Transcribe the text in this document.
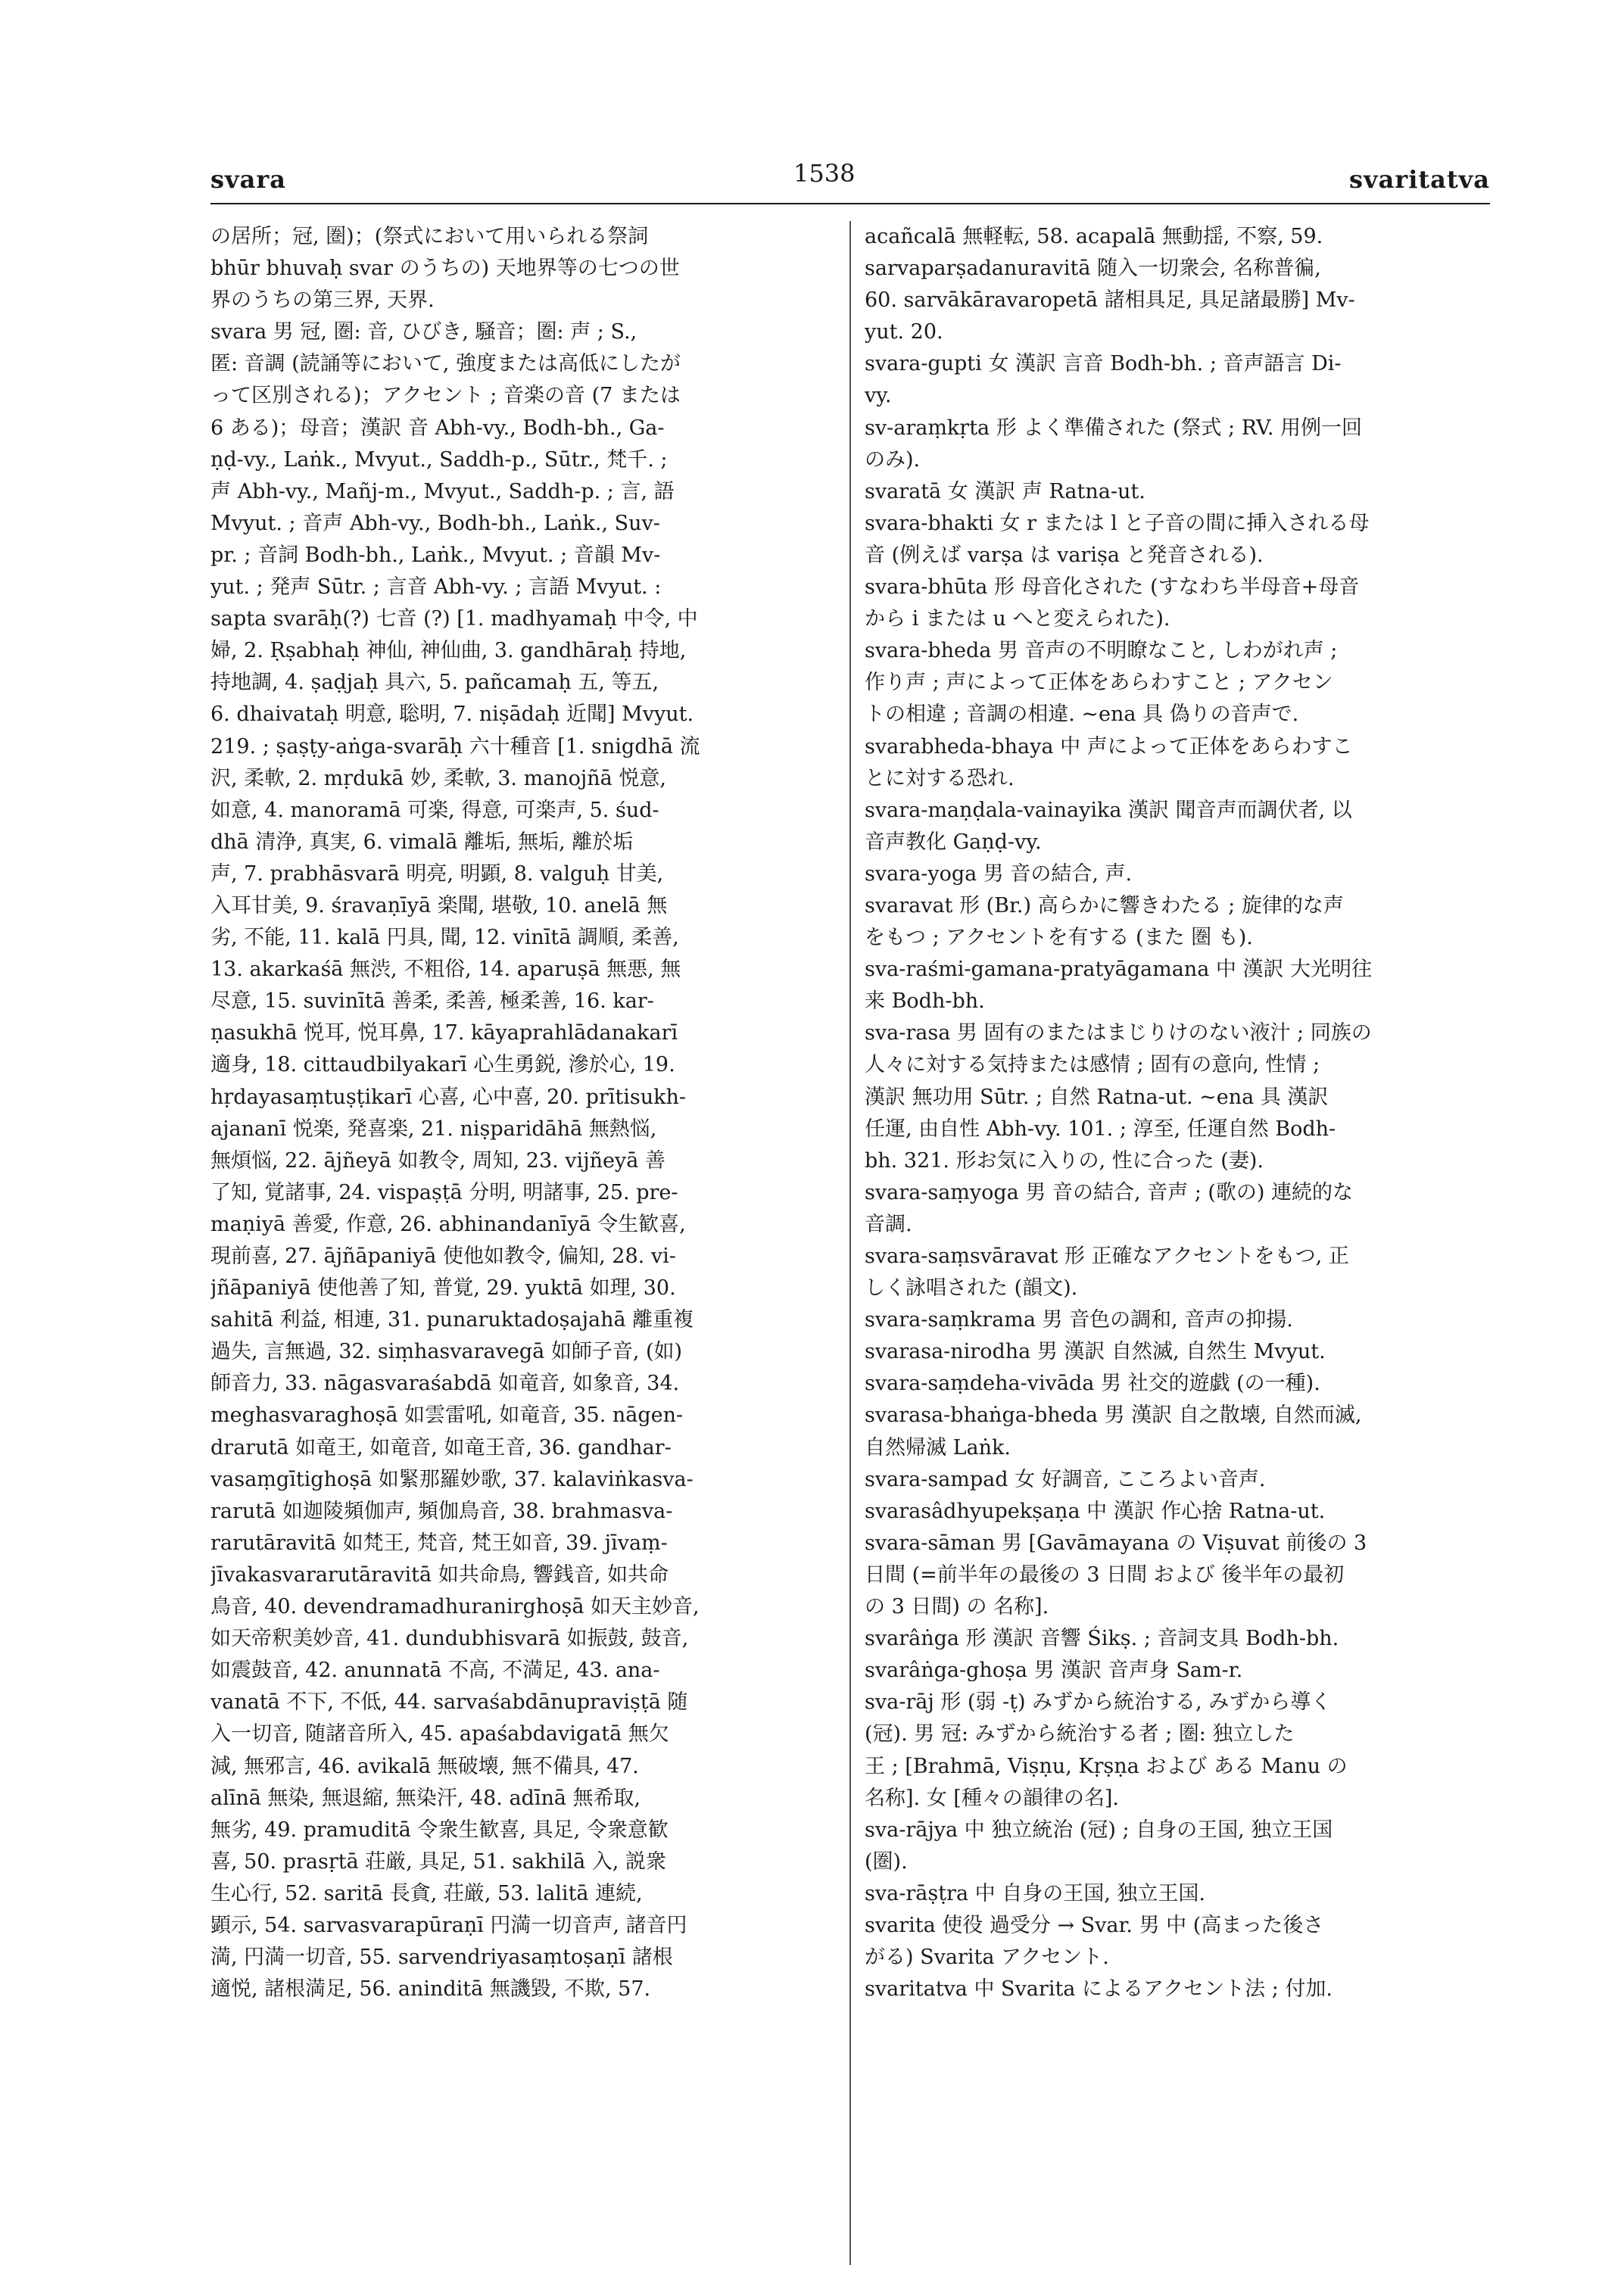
svara	1538	svaritatva
の居所；冠, 圏)；(祭式において用いられる祭詞
bhūr bhuvaḥ svar のうちの) 天地界等の七つの世
界のうちの第三界, 天界.
svara 男 冠, 圏: 音, ひびき, 騒音；圏: 声 ; S.,
匿: 音調 (読誦等において, 強度または高低にしたが
って区別される)；アクセント ; 音楽の音 (7 または
6 ある)；母音；漢訳 音 Abh-vy., Bodh-bh., Ga-
ṇḍ-vy., Laṅk., Mvyut., Saddh-p., Sūtr., 梵千. ;
声 Abh-vy., Mañj-m., Mvyut., Saddh-p. ; 言, 語
Mvyut. ; 音声 Abh-vy., Bodh-bh., Laṅk., Suv-
pr. ; 音詞 Bodh-bh., Laṅk., Mvyut. ; 音韻 Mv-
yut. ; 発声 Sūtr. ; 言音 Abh-vy. ; 言語 Mvyut. :
sapta svarāḥ(?) 七音 (?) [1. madhyamaḥ 中令, 中
婦, 2. Ṛṣabhaḥ 神仙, 神仙曲, 3. gandhāraḥ 持地,
持地調, 4. ṣaḍjaḥ 具六, 5. pañcamaḥ 五, 等五,
6. dhaivataḥ 明意, 聡明, 7. niṣādaḥ 近聞] Mvyut.
219. ; ṣaṣṭy-aṅga-svarāḥ 六十種音 [1. snigdhā 流
沢, 柔軟, 2. mṛdukā 妙, 柔軟, 3. manojñā 悦意,
如意, 4. manoramā 可楽, 得意, 可楽声, 5. śud-
dhā 清浄, 真実, 6. vimalā 離垢, 無垢, 離於垢
声, 7. prabhāsvarā 明亮, 明顕, 8. valguḥ 甘美,
入耳甘美, 9. śravaṇīyā 楽聞, 堪敬, 10. anelā 無
劣, 不能, 11. kalā 円具, 聞, 12. vinītā 調順, 柔善,
13. akarkaśā 無渋, 不粗俗, 14. aparuṣā 無悪, 無
尽意, 15. suvinītā 善柔, 柔善, 極柔善, 16. kar-
ṇasukhā 悦耳, 悦耳鼻, 17. kāyaprahlādanakarī
適身, 18. cittaudbilyakarī 心生勇鋭, 滲於心, 19.
hṛdayasaṃtuṣṭikarī 心喜, 心中喜, 20. prītisukh-
ajananī 悦楽, 発喜楽, 21. niṣparidāhā 無熱悩,
無煩悩, 22. ājñeyā 如教令, 周知, 23. vijñeyā 善
了知, 覚諸事, 24. vispaṣṭā 分明, 明諸事, 25. pre-
maṇiyā 善愛, 作意, 26. abhinandanīyā 令生歓喜,
現前喜, 27. ājñāpaniyā 使他如教令, 偏知, 28. vi-
jñāpaniyā 使他善了知, 普覚, 29. yuktā 如理, 30.
sahitā 利益, 相連, 31. punaruktadoṣajahā 離重複
過失, 言無過, 32. siṃhasvaravegā 如師子音, (如)
師音力, 33. nāgasvaraśabdā 如竜音, 如象音, 34.
meghasvaraghoṣā 如雲雷吼, 如竜音, 35. nāgen-
drarutā 如竜王, 如竜音, 如竜王音, 36. gandhar-
vasaṃgītighoṣā 如緊那羅妙歌, 37. kalaviṅkasva-
rarutā 如迦陵頻伽声, 頻伽鳥音, 38. brahmasva-
rarutāravitā 如梵王, 梵音, 梵王如音, 39. jīvaṃ-
jīvakasvararutāravitā 如共命鳥, 響銭音, 如共命
鳥音, 40. devendramadhuranirghoṣā 如天主妙音,
如天帝釈美妙音, 41. dundubhisvarā 如振鼓, 鼓音,
如震鼓音, 42. anunnatā 不高, 不満足, 43. ana-
vanatā 不下, 不低, 44. sarvaśabdānupraviṣṭā 随
入一切音, 随諸音所入, 45. apaśabdavigatā 無欠
減, 無邪言, 46. avikalā 無破壊, 無不備具, 47.
alīnā 無染, 無退縮, 無染汗, 48. adīnā 無希取,
無劣, 49. pramuditā 令衆生歓喜, 具足, 令衆意歓
喜, 50. prasṛtā 荘厳, 具足, 51. sakhilā 入, 説衆
生心行, 52. saritā 長貪, 荘厳, 53. lalitā 連続,
顕示, 54. sarvasvarapūraṇī 円満一切音声, 諸音円
満, 円満一切音, 55. sarvendriyasaṃtoṣaṇī 諸根
適悦, 諸根満足, 56. aninditā 無譏毀, 不欺, 57.
acañcalā 無軽転, 58. acapalā 無動揺, 不察, 59.
sarvaparṣadanuravitā 随入一切衆会, 名称普徧,
60. sarvākāravaropetā 諸相具足, 具足諸最勝] Mv-
yut. 20.
svara-gupti 女 漢訳 言音 Bodh-bh. ; 音声語言 Di-
vy.
sv-araṃkṛta 形 よく準備された (祭式 ; RV. 用例一回
のみ).
svaratā 女 漢訳 声 Ratna-ut.
svara-bhakti 女 r または l と子音の間に挿入される母
音 (例えば varṣa は variṣa と発音される).
svara-bhūta 形 母音化された (すなわち半母音+母音
から i または u へと変えられた).
svara-bheda 男 音声の不明瞭なこと, しわがれ声 ;
作り声 ; 声によって正体をあらわすこと ; アクセン
トの相違 ; 音調の相違. ~ena 具 偽りの音声で.
svarabheda-bhaya 中 声によって正体をあらわすこ
とに対する恐れ.
svara-maṇḍala-vainayika 漢訳 聞音声而調伏者, 以
音声教化 Gaṇḍ-vy.
svara-yoga 男 音の結合, 声.
svaravat 形 (Br.) 高らかに響きわたる ; 旋律的な声
をもつ ; アクセントを有する (また 圏 も).
sva-raśmi-gamana-pratyāgamana 中 漢訳 大光明往
来 Bodh-bh.
sva-rasa 男 固有のまたはまじりけのない液汁 ; 同族の
人々に対する気持または感情 ; 固有の意向, 性情 ;
漢訳 無功用 Sūtr. ; 自然 Ratna-ut. ~ena 具 漢訳
任運, 由自性 Abh-vy. 101. ; 淳至, 任運自然 Bodh-
bh. 321. 形お気に入りの, 性に合った (妻).
svara-saṃyoga 男 音の結合, 音声 ; (歌の) 連続的な
音調.
svara-saṃsvāravat 形 正確なアクセントをもつ, 正
しく詠唱された (韻文).
svara-saṃkrama 男 音色の調和, 音声の抑揚.
svarasa-nirodha 男 漢訳 自然滅, 自然生 Mvyut.
svara-saṃdeha-vivāda 男 社交的遊戯 (の一種).
svarasa-bhaṅga-bheda 男 漢訳 自之散壊, 自然而滅,
自然帰滅 Laṅk.
svara-sampad 女 好調音, こころよい音声.
svarasâdhyupekṣaṇa 中 漢訳 作心捨 Ratna-ut.
svara-sāman 男 [Gavāmayana の Viṣuvat 前後の 3
日間 (=前半年の最後の 3 日間 および 後半年の最初
の 3 日間) の 名称].
svarâṅga 形 漢訳 音響 Śikṣ. ; 音詞支具 Bodh-bh.
svarâṅga-ghoṣa 男 漢訳 音声身 Sam-r.
sva-rāj 形 (弱 -ṭ) みずから統治する, みずから導く
(冠). 男 冠: みずから統治する者 ; 圏: 独立した
王 ; [Brahmā, Viṣṇu, Kṛṣṇa および ある Manu の
名称]. 女 [種々の韻律の名].
sva-rājya 中 独立統治 (冠) ; 自身の王国, 独立王国
(圏).
sva-rāṣṭra 中 自身の王国, 独立王国.
svarita 使役 過受分 → Svar. 男 中 (高まった後さ
がる) Svarita アクセント.
svaritatva 中 Svarita によるアクセント法 ; 付加.
